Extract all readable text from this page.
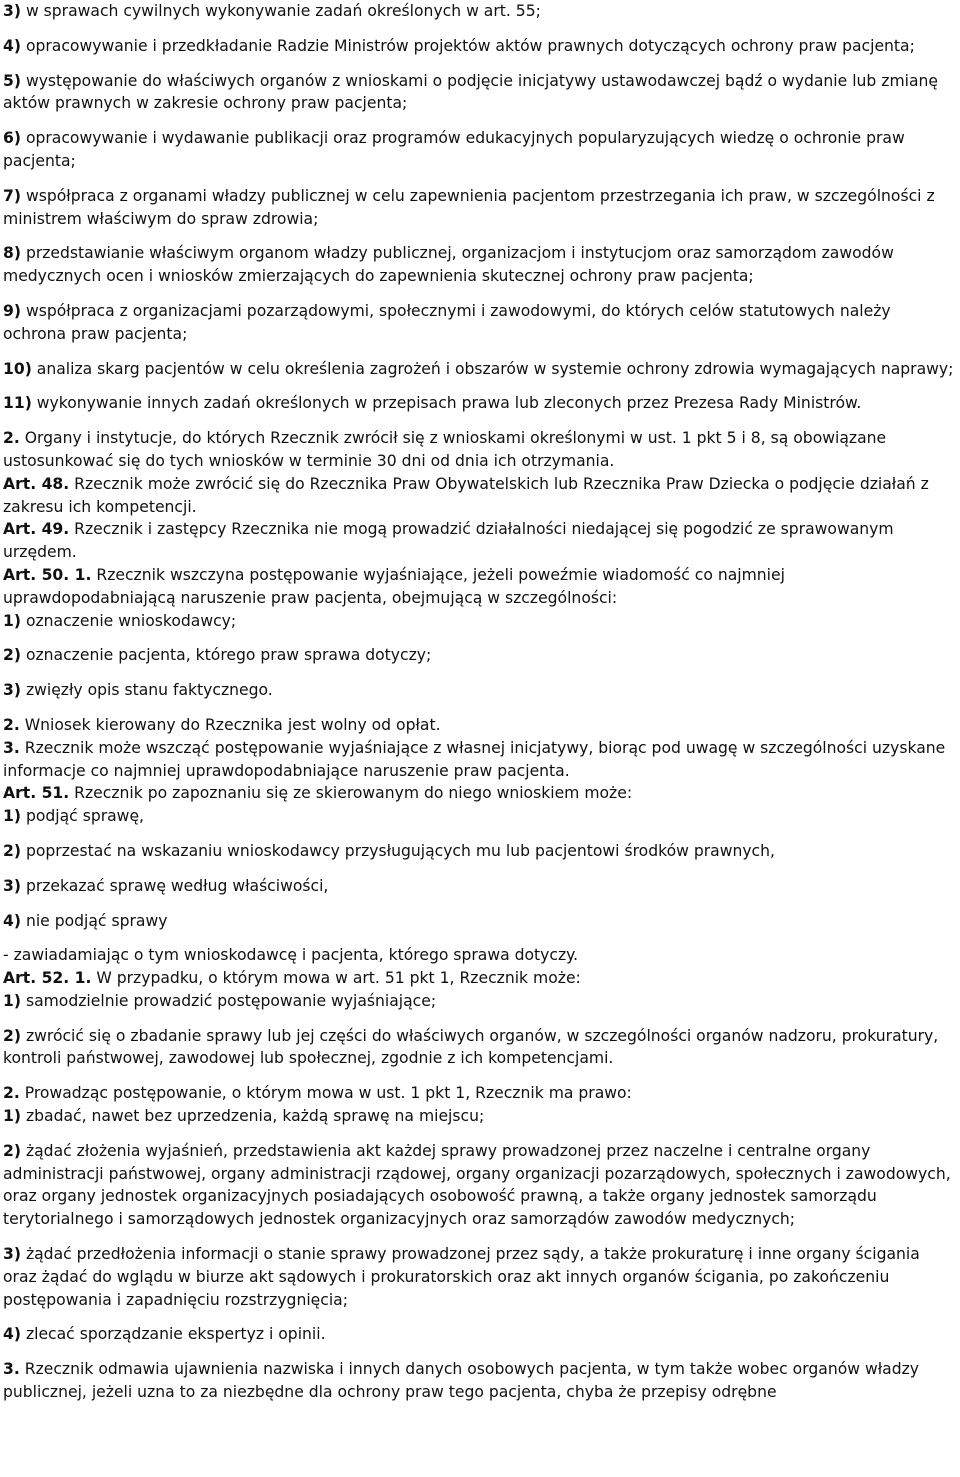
3) w sprawach cywilnych wykonywanie zadań określonych w art. 55;

4) opracowywanie i przedkładanie Radzie Ministrów projektów aktów prawnych dotyczących ochrony praw pacjenta;

5) występowanie do właściwych organów z wnioskami o podjęcie inicjatywy ustawodawczej bądź o wydanie lub zmianę aktów prawnych w zakresie ochrony praw pacjenta;

6) opracowywanie i wydawanie publikacji oraz programów edukacyjnych popularyzujących wiedzę o ochronie praw pacjenta;

7) współpraca z organami władzy publicznej w celu zapewnienia pacjentom przestrzegania ich praw, w szczególności z ministrem właściwym do spraw zdrowia;

8) przedstawianie właściwym organom władzy publicznej, organizacjom i instytucjom oraz samorządom zawodów medycznych ocen i wniosków zmierzających do zapewnienia skutecznej ochrony praw pacjenta;

9) współpraca z organizacjami pozarządowymi, społecznymi i zawodowymi, do których celów statutowych należy ochrona praw pacjenta;

10) analiza skarg pacjentów w celu określenia zagrożeń i obszarów w systemie ochrony zdrowia wymagających naprawy;

11) wykonywanie innych zadań określonych w przepisach prawa lub zleconych przez Prezesa Rady Ministrów.

2. Organy i instytucje, do których Rzecznik zwrócił się z wnioskami określonymi w ust. 1 pkt 5 i 8, są obowiązane ustosunkować się do tych wniosków w terminie 30 dni od dnia ich otrzymania.

Art. 48. Rzecznik może zwrócić się do Rzecznika Praw Obywatelskich lub Rzecznika Praw Dziecka o podjęcie działań z zakresu ich kompetencji.

Art. 49. Rzecznik i zastępcy Rzecznika nie mogą prowadzić działalności niedającej się pogodzić ze sprawowanym urzędem.

Art. 50. 1. Rzecznik wszczyna postępowanie wyjaśniające, jeżeli poweźmie wiadomość co najmniej uprawdopodabniającą naruszenie praw pacjenta, obejmującą w szczególności:

1) oznaczenie wnioskodawcy;

2) oznaczenie pacjenta, którego praw sprawa dotyczy;

3) zwięzły opis stanu faktycznego.

2. Wniosek kierowany do Rzecznika jest wolny od opłat.

3. Rzecznik może wszcząć postępowanie wyjaśniające z własnej inicjatywy, biorąc pod uwagę w szczególności uzyskane informacje co najmniej uprawdopodabniające naruszenie praw pacjenta.

Art. 51. Rzecznik po zapoznaniu się ze skierowanym do niego wnioskiem może:

1) podjąć sprawę,

2) poprzestać na wskazaniu wnioskodawcy przysługujących mu lub pacjentowi środków prawnych,

3) przekazać sprawę według właściwości,

4) nie podjąć sprawy

- zawiadamiając o tym wnioskodawcę i pacjenta, którego sprawa dotyczy.

Art. 52. 1. W przypadku, o którym mowa w art. 51 pkt 1, Rzecznik może:

1) samodzielnie prowadzić postępowanie wyjaśniające;

2) zwrócić się o zbadanie sprawy lub jej części do właściwych organów, w szczególności organów nadzoru, prokuratury, kontroli państwowej, zawodowej lub społecznej, zgodnie z ich kompetencjami.

2. Prowadząc postępowanie, o którym mowa w ust. 1 pkt 1, Rzecznik ma prawo:

1) zbadać, nawet bez uprzedzenia, każdą sprawę na miejscu;

2) żądać złożenia wyjaśnień, przedstawienia akt każdej sprawy prowadzonej przez naczelne i centralne organy administracji państwowej, organy administracji rządowej, organy organizacji pozarządowych, społecznych i zawodowych, oraz organy jednostek organizacyjnych posiadających osobowość prawną, a także organy jednostek samorządu terytorialnego i samorządowych jednostek organizacyjnych oraz samorządów zawodów medycznych;

3) żądać przedłożenia informacji o stanie sprawy prowadzonej przez sądy, a także prokuraturę i inne organy ścigania oraz żądać do wglądu w biurze akt sądowych i prokuratorskich oraz akt innych organów ścigania, po zakończeniu postępowania i zapadnięciu rozstrzygnięcia;

4) zlecać sporządzanie ekspertyz i opinii.

3. Rzecznik odmawia ujawnienia nazwiska i innych danych osobowych pacjenta, w tym także wobec organów władzy publicznej, jeżeli uzna to za niezbędne dla ochrony praw tego pacjenta, chyba że przepisy odrębne
